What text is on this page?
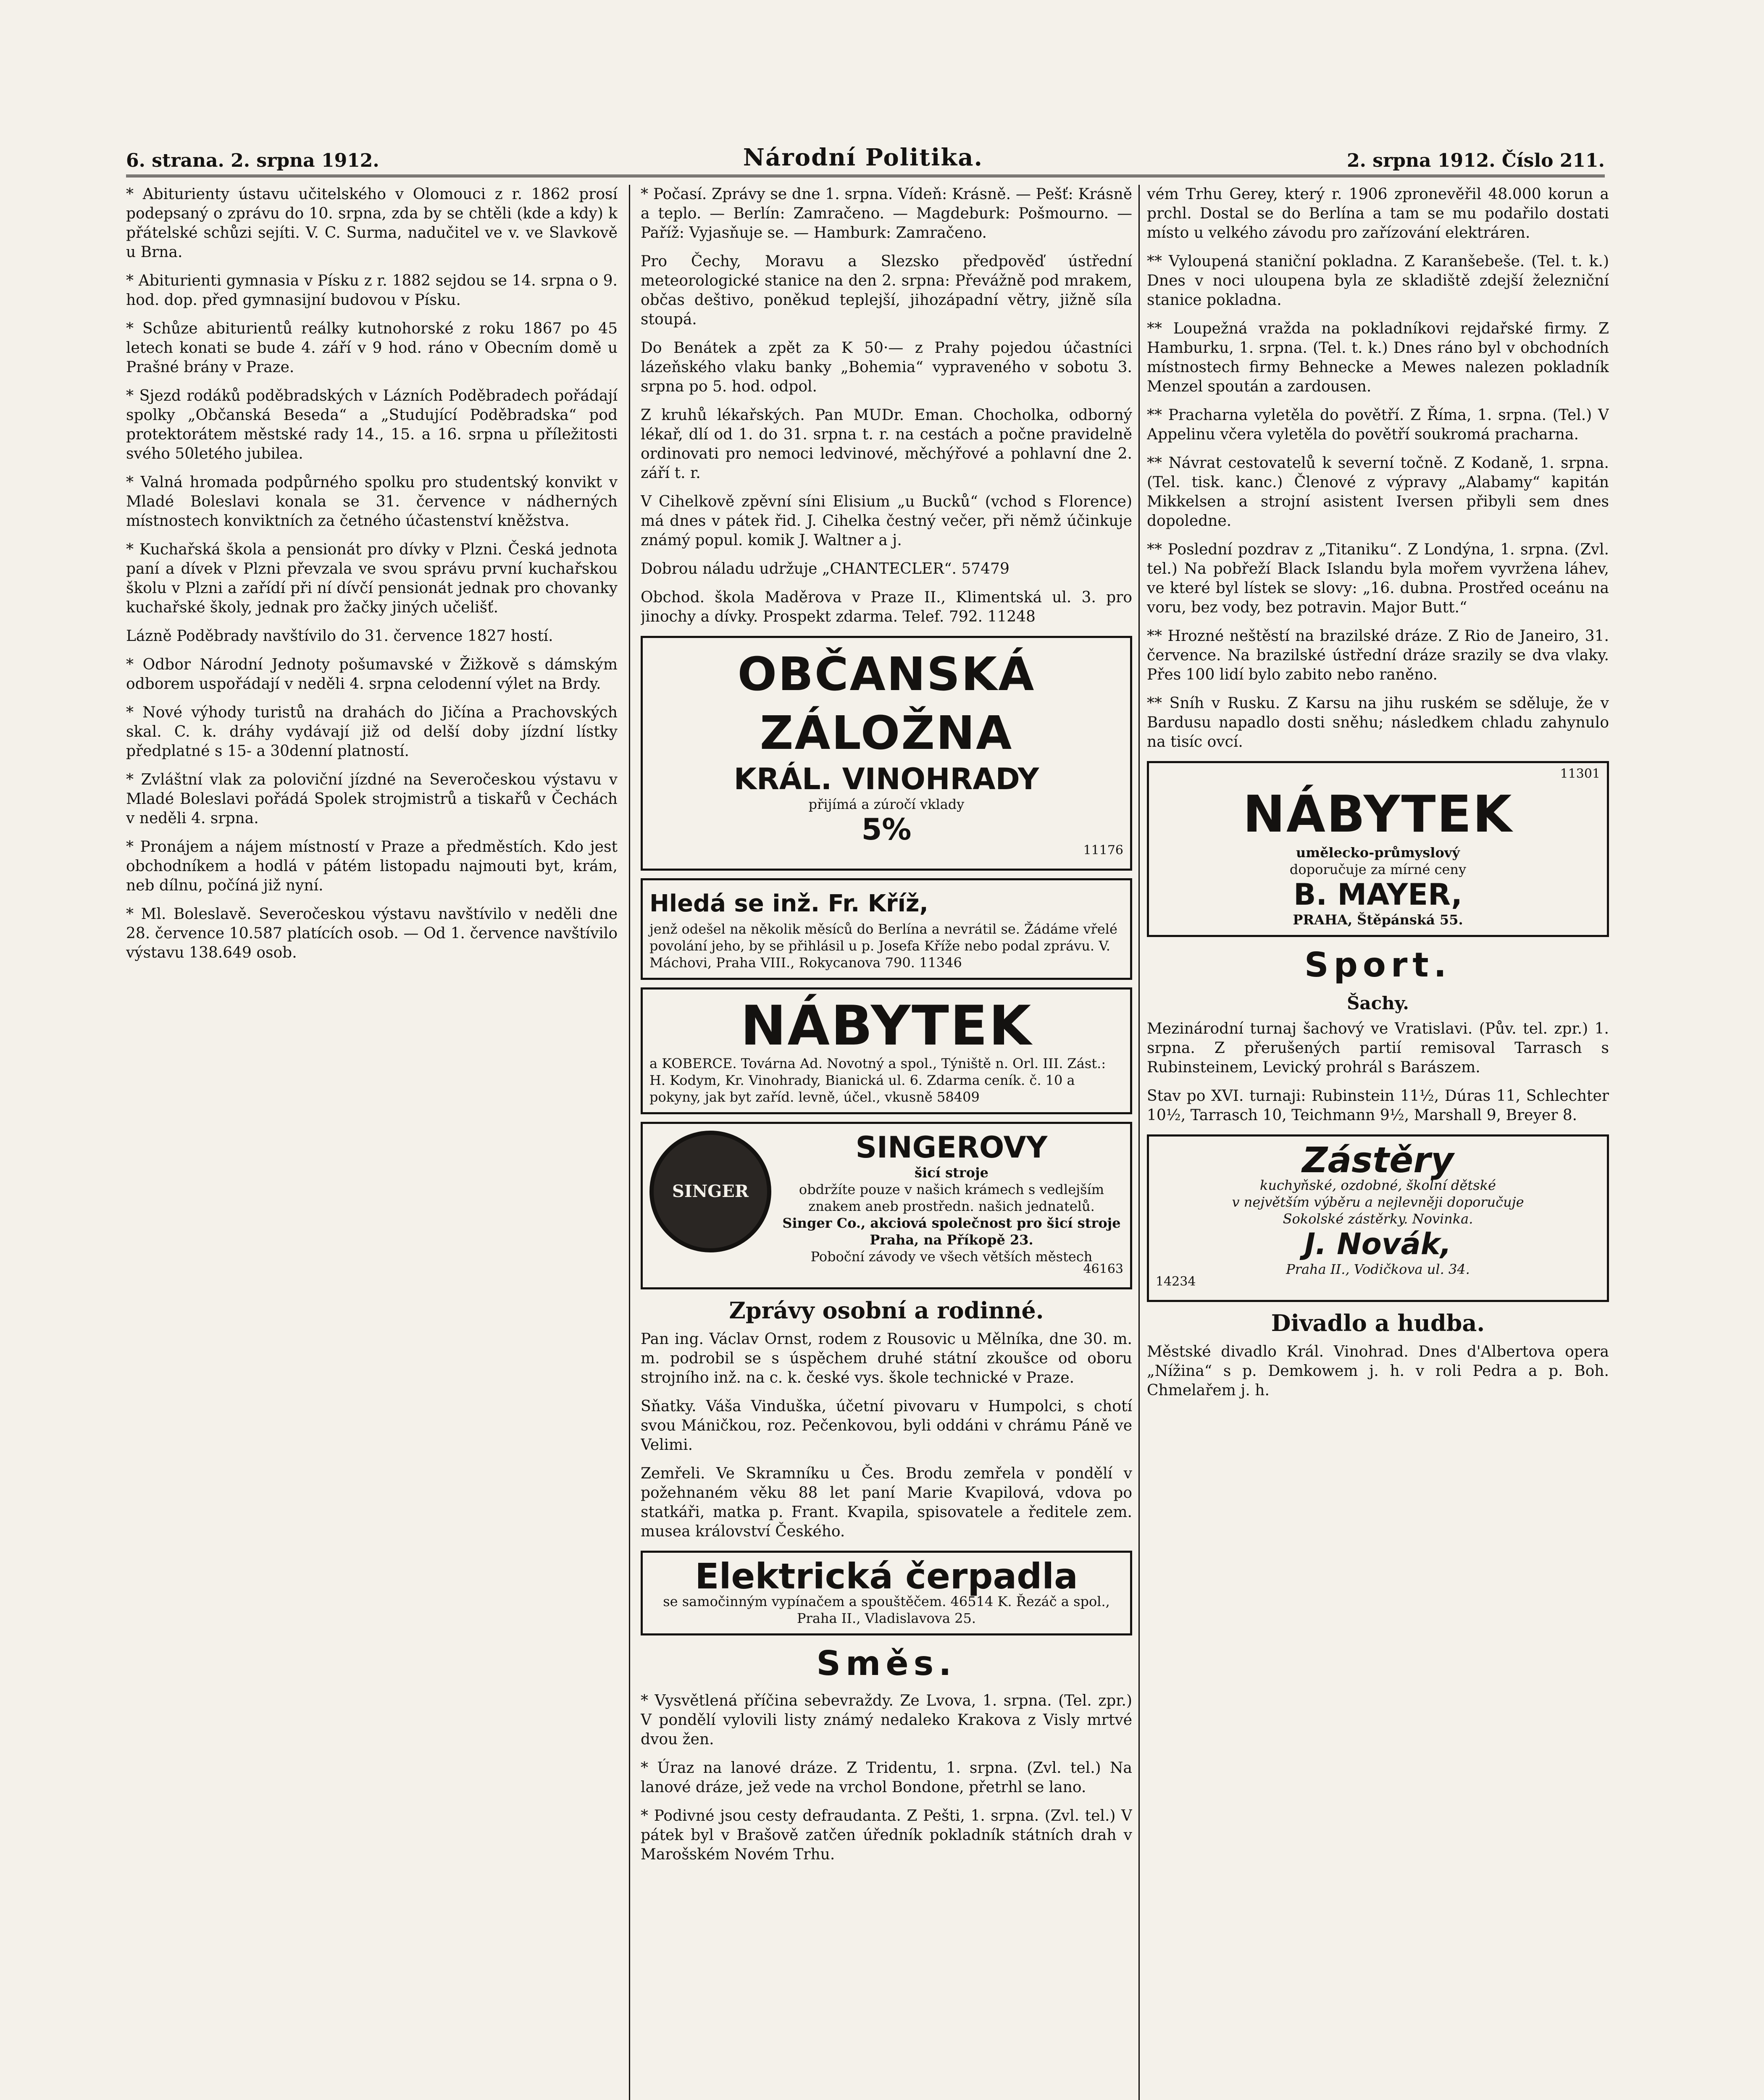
6. strana. 2. srpna 1912.	Národní Politika.	2. srpna 1912. Číslo 211.

* Abiturienty ústavu učitelského v Olomouci z r. 1862 prosí podepsaný o zprávu do 10. srpna, zda by se chtěli (kde a kdy) k přátelské schůzi sejíti. V. C. Surma, nadučitel ve v. ve Slavkově u Brna.

* Abiturienti gymnasia v Písku z r. 1882 sejdou se 14. srpna o 9. hod. dop. před gymnasijní budovou v Písku.

* Schůze abiturientů reálky kutnohorské z roku 1867 po 45 letech konati se bude 4. září v 9 hod. ráno v Obecním domě u Prašné brány v Praze.

* Sjezd rodáků poděbradských v Lázních Poděbradech pořádají spolky „Občanská Beseda“ a „Studující Poděbradska“ pod protektorátem městské rady 14., 15. a 16. srpna u příležitosti svého 50letého jubilea.

* Valná hromada podpůrného spolku pro studentský konvikt v Mladé Boleslavi konala se 31. července v nádherných místnostech konviktních za četného účastenství kněžstva.

* Kuchařská škola a pensionát pro dívky v Plzni. Česká jednota paní a dívek v Plzni převzala ve svou správu první kuchařskou školu v Plzni a zařídí při ní dívčí pensionát jednak pro chovanky kuchařské školy, jednak pro žačky jiných učelišť.

Lázně Poděbrady navštívilo do 31. července 1827 hostí.

* Odbor Národní Jednoty pošumavské v Žižkově s dámským odborem uspořádají v neděli 4. srpna celodenní výlet na Brdy.

* Nové výhody turistů na drahách do Jičína a Prachovských skal. C. k. dráhy vydávají již od delší doby jízdní lístky předplatné s 15- a 30denní platností.

* Zvláštní vlak za poloviční jízdné na Severočeskou výstavu v Mladé Boleslavi pořádá Spolek strojmistrů a tiskařů v Čechách v neděli 4. srpna.

* Pronájem a nájem místností v Praze a předměstích. Kdo jest obchodníkem a hodlá v pátém listopadu najmouti byt, krám, neb dílnu, počíná již nyní.

* Ml. Boleslavě. Severočeskou výstavu navštívilo v neděli dne 28. července 10.587 platících osob. — Od 1. července navštívilo výstavu 138.649 osob.

* Počasí. Zprávy se dne 1. srpna. Vídeň: Krásně. — Pešť: Krásně a teplo. — Berlín: Zamračeno. — Magdeburk: Pošmourno. — Paříž: Vyjasňuje se. — Hamburk: Zamračeno.

Pro Čechy, Moravu a Slezsko předpověď ústřední meteorologické stanice na den 2. srpna: Převážně pod mrakem, občas deštivo, poněkud teplejší, jihozápadní větry, jižně síla stoupá.

Do Benátek a zpět za K 50·— z Prahy pojedou účastníci lázeňského vlaku banky „Bohemia“ vypraveného v sobotu 3. srpna po 5. hod. odpol.

Z kruhů lékařských. Pan MUDr. Eman. Chocholka, odborný lékař, dlí od 1. do 31. srpna t. r. na cestách a počne pravidelně ordinovati pro nemoci ledvinové, měchýřové a pohlavní dne 2. září t. r.

V Cihelkově zpěvní síni Elisium „u Bucků“ (vchod s Florence) má dnes v pátek řid. J. Cihelka čestný večer, při němž účinkuje známý popul. komik J. Waltner a j.

Dobrou náladu udržuje „CHANTECLER“. 57479

Obchod. škola Maděrova v Praze II., Klimentská ul. 3. pro jinochy a dívky. Prospekt zdarma. Telef. 792. 11248

OBČANSKÁ ZÁLOŽNA
KRÁL. VINOHRADY
přijímá a zúročí vklady
5%
11176
Hledá se inž. Fr. Kříž,
jenž odešel na několik měsíců do Berlína a nevrátil se. Žádáme vřelé povolání jeho, by se přihlásil u p. Josefa Kříže nebo podal zprávu. V. Máchovi, Praha VIII., Rokycanova 790. 11346
NÁBYTEK
a KOBERCE. Továrna Ad. Novotný a spol., Týniště n. Orl. III. Zást.: H. Kodym, Kr. Vinohrady, Bianická ul. 6. Zdarma ceník. č. 10 a pokyny, jak byt zaříd. levně, účel., vkusně 58409
SINGER
SINGEROVY
šicí stroje
obdržíte pouze v našich krámech s vedlejším znakem aneb prostředn. našich jednatelů.
Singer Co., akciová společnost pro šicí stroje
Praha, na Příkopě 23.
Poboční závody ve všech větších městech
46163
Zprávy osobní a rodinné.

Pan ing. Václav Ornst, rodem z Rousovic u Mělníka, dne 30. m. m. podrobil se s úspěchem druhé státní zkoušce od oboru strojního inž. na c. k. české vys. škole technické v Praze.

Sňatky. Váša Vinduška, účetní pivovaru v Humpolci, s chotí svou Máničkou, roz. Pečenkovou, byli oddáni v chrámu Páně ve Velimi.

Zemřeli. Ve Skramníku u Čes. Brodu zemřela v pondělí v požehnaném věku 88 let paní Marie Kvapilová, vdova po statkáři, matka p. Frant. Kvapila, spisovatele a ředitele zem. musea království Českého.

Elektrická čerpadla
se samočinným vypínačem a spouštěčem. 46514 K. Řezáč a spol., Praha II., Vladislavova 25.
Směs.

* Vysvětlená příčina sebevraždy. Ze Lvova, 1. srpna. (Tel. zpr.) V pondělí vylovili listy známý nedaleko Krakova z Visly mrtvé dvou žen.

* Úraz na lanové dráze. Z Tridentu, 1. srpna. (Zvl. tel.) Na lanové dráze, jež vede na vrchol Bondone, přetrhl se lano.

* Podivné jsou cesty defraudanta. Z Pešti, 1. srpna. (Zvl. tel.) V pátek byl v Brašově zatčen úředník pokladník státních drah v Marošském Novém Trhu.

vém Trhu Gerey, který r. 1906 zpronevěřil 48.000 korun a prchl. Dostal se do Berlína a tam se mu podařilo dostati místo u velkého závodu pro zařízování elektráren.

** Vyloupená staniční pokladna. Z Karanšebeše. (Tel. t. k.) Dnes v noci uloupena byla ze skladiště zdejší železniční stanice pokladna.

** Loupežná vražda na pokladníkovi rejdařské firmy. Z Hamburku, 1. srpna. (Tel. t. k.) Dnes ráno byl v obchodních místnostech firmy Behnecke a Mewes nalezen pokladník Menzel spoután a zardousen.

** Pracharna vyletěla do povětří. Z Říma, 1. srpna. (Tel.) V Appelinu včera vyletěla do povětří soukromá pracharna.

** Návrat cestovatelů k severní točně. Z Kodaně, 1. srpna. (Tel. tisk. kanc.) Členové z výpravy „Alabamy“ kapitán Mikkelsen a strojní asistent Iversen přibyli sem dnes dopoledne.

** Poslední pozdrav z „Titaniku“. Z Londýna, 1. srpna. (Zvl. tel.) Na pobřeží Black Islandu byla mořem vyvržena láhev, ve které byl lístek se slovy: „16. dubna. Prostřed oceánu na voru, bez vody, bez potravin. Major Butt.“

** Hrozné neštěstí na brazilské dráze. Z Rio de Janeiro, 31. července. Na brazilské ústřední dráze srazily se dva vlaky. Přes 100 lidí bylo zabito nebo raněno.

** Sníh v Rusku. Z Karsu na jihu ruském se sděluje, že v Bardusu napadlo dosti sněhu; následkem chladu zahynulo na tisíc ovcí.

11301
NÁBYTEK
umělecko-průmyslový
doporučuje za mírné ceny
B. MAYER,
PRAHA, Štěpánská 55.
Sport.
Šachy.

Mezinárodní turnaj šachový ve Vratislavi. (Pův. tel. zpr.) 1. srpna. Z přerušených partií remisoval Tarrasch s Rubinsteinem, Levický prohrál s Barászem.

Stav po XVI. turnaji: Rubinstein 11½, Dúras 11, Schlechter 10½, Tarrasch 10, Teichmann 9½, Marshall 9, Breyer 8.

Zástěry
kuchyňské, ozdobné, školní dětské
v největším výběru a nejlevněji doporučuje
Sokolské zástěrky. Novinka.
J. Novák,
Praha II., Vodičkova ul. 34.
14234
Divadlo a hudba.

Městské divadlo Král. Vinohrad. Dnes d'Albertova opera „Nížina“ s p. Demkowem j. h. v roli Pedra a p. Boh. Chmelařem j. h.
